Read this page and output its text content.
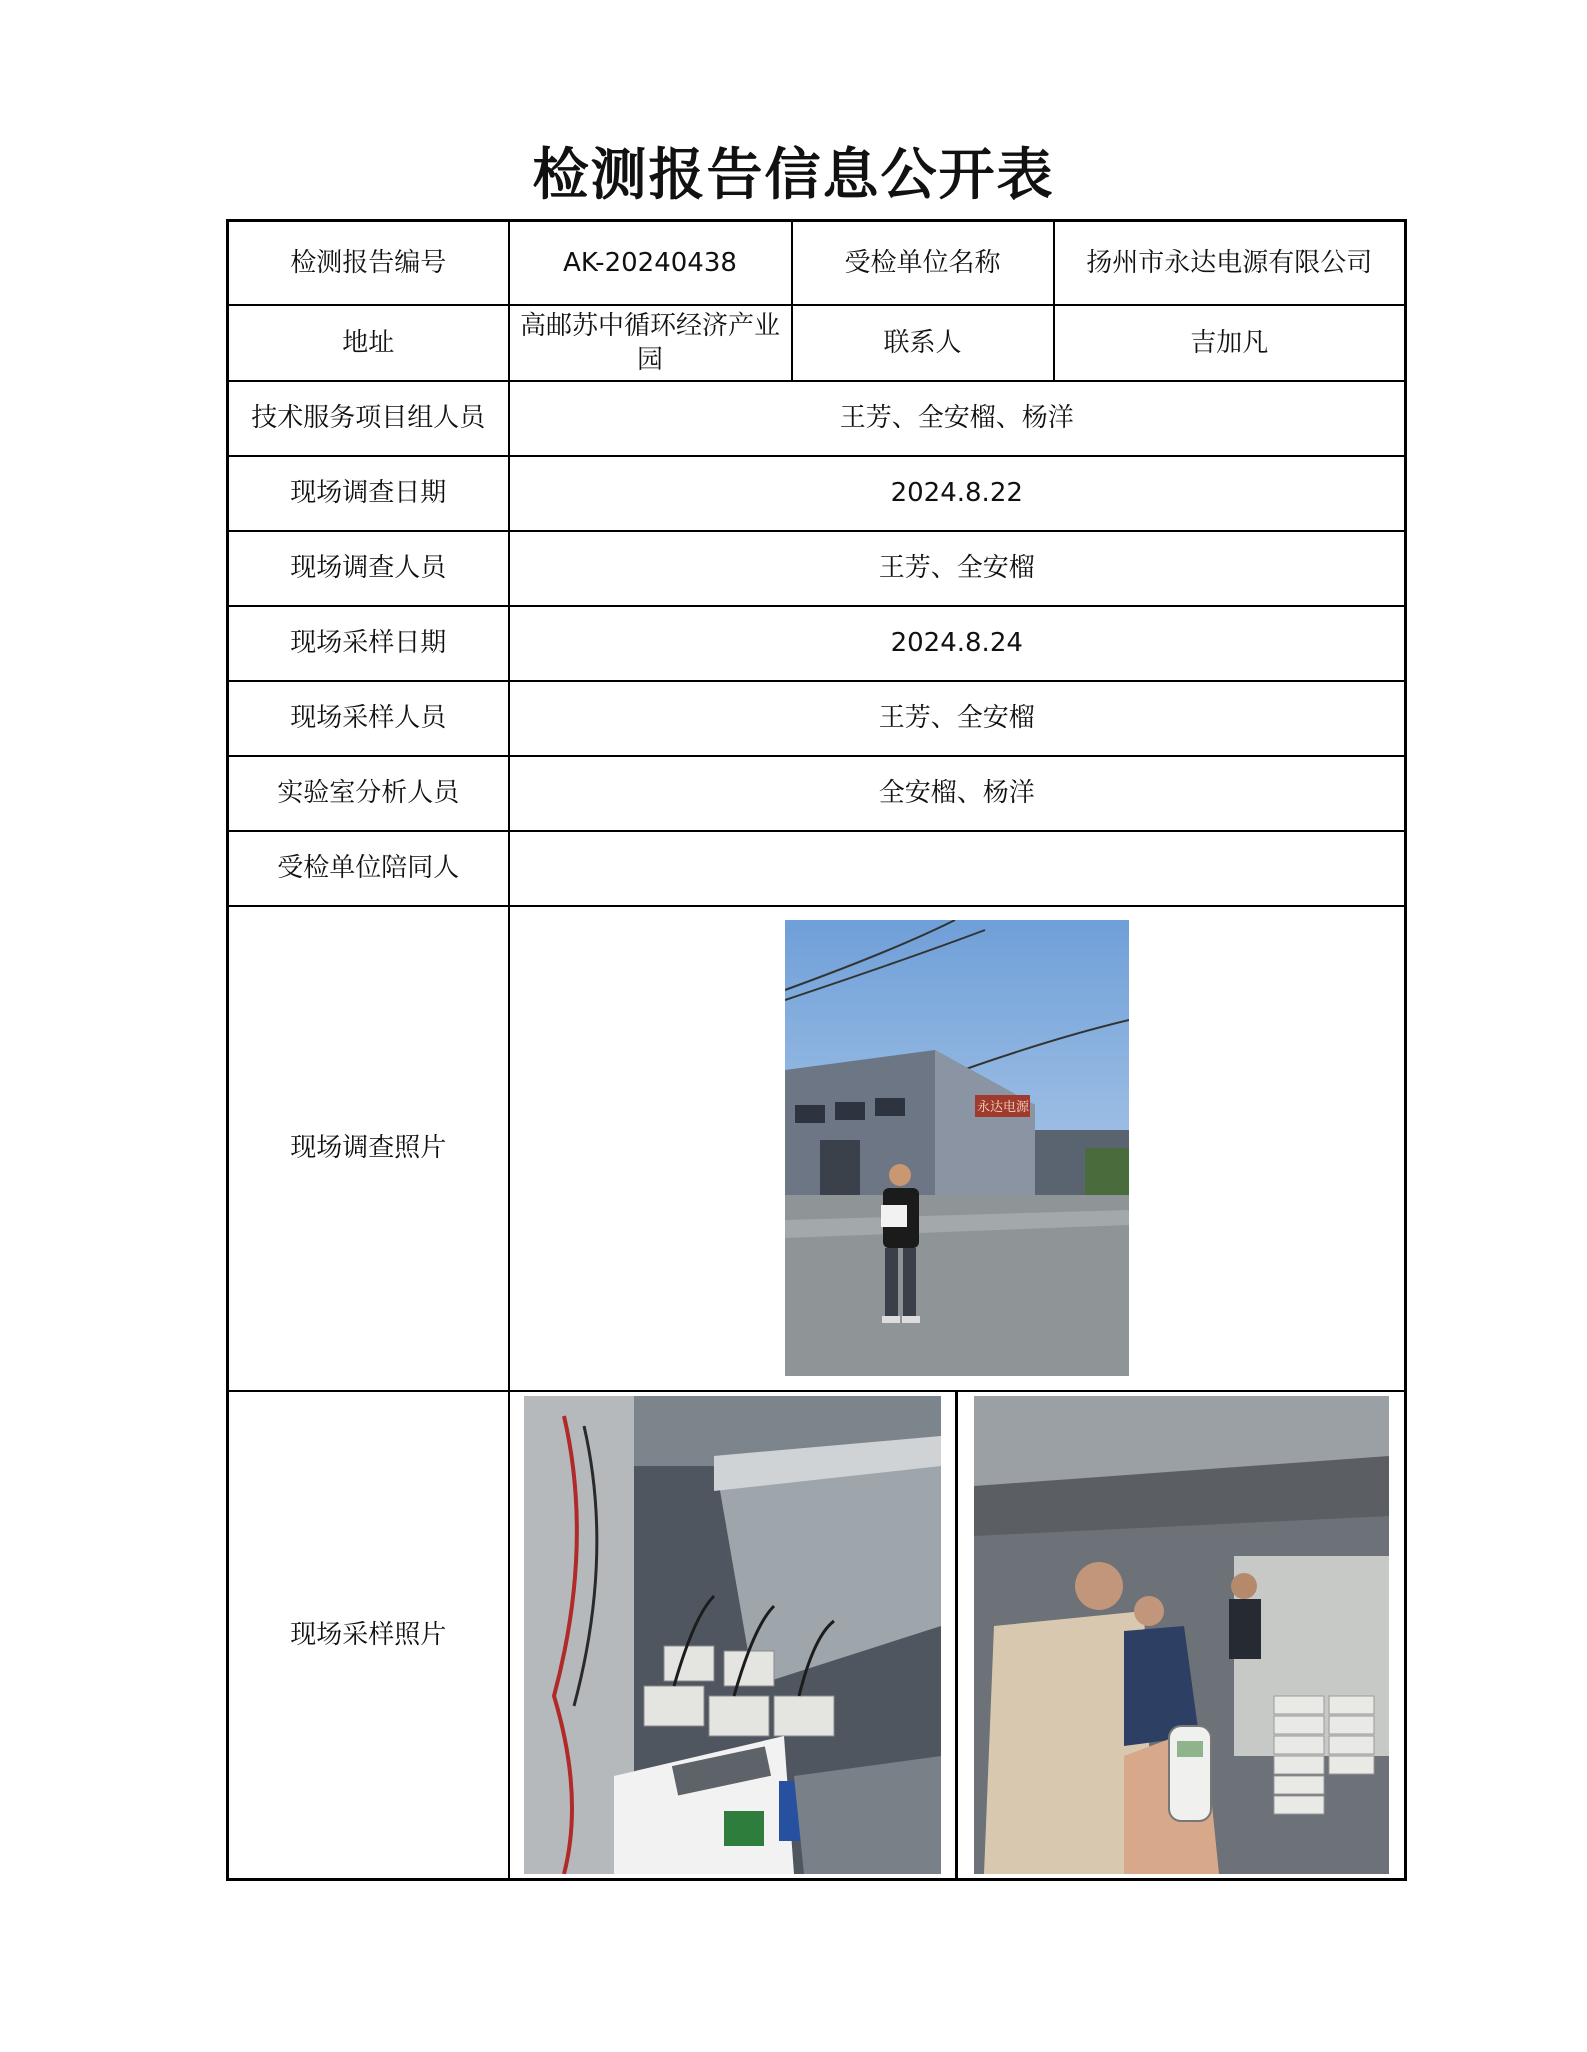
检测报告信息公开表
检测报告编号	AK-20240438	受检单位名称	扬州市永达电源有限公司
地址	高邮苏中循环经济产业园	联系人	吉加凡
技术服务项目组人员	王芳、全安榴、杨洋		
现场调查日期	2024.8.22		
现场调查人员	王芳、全安榴		
现场采样日期	2024.8.24		
现场采样人员	王芳、全安榴		
实验室分析人员	全安榴、杨洋		
受检单位陪同人			
现场调查照片	永达电源		

现场采样照片	
